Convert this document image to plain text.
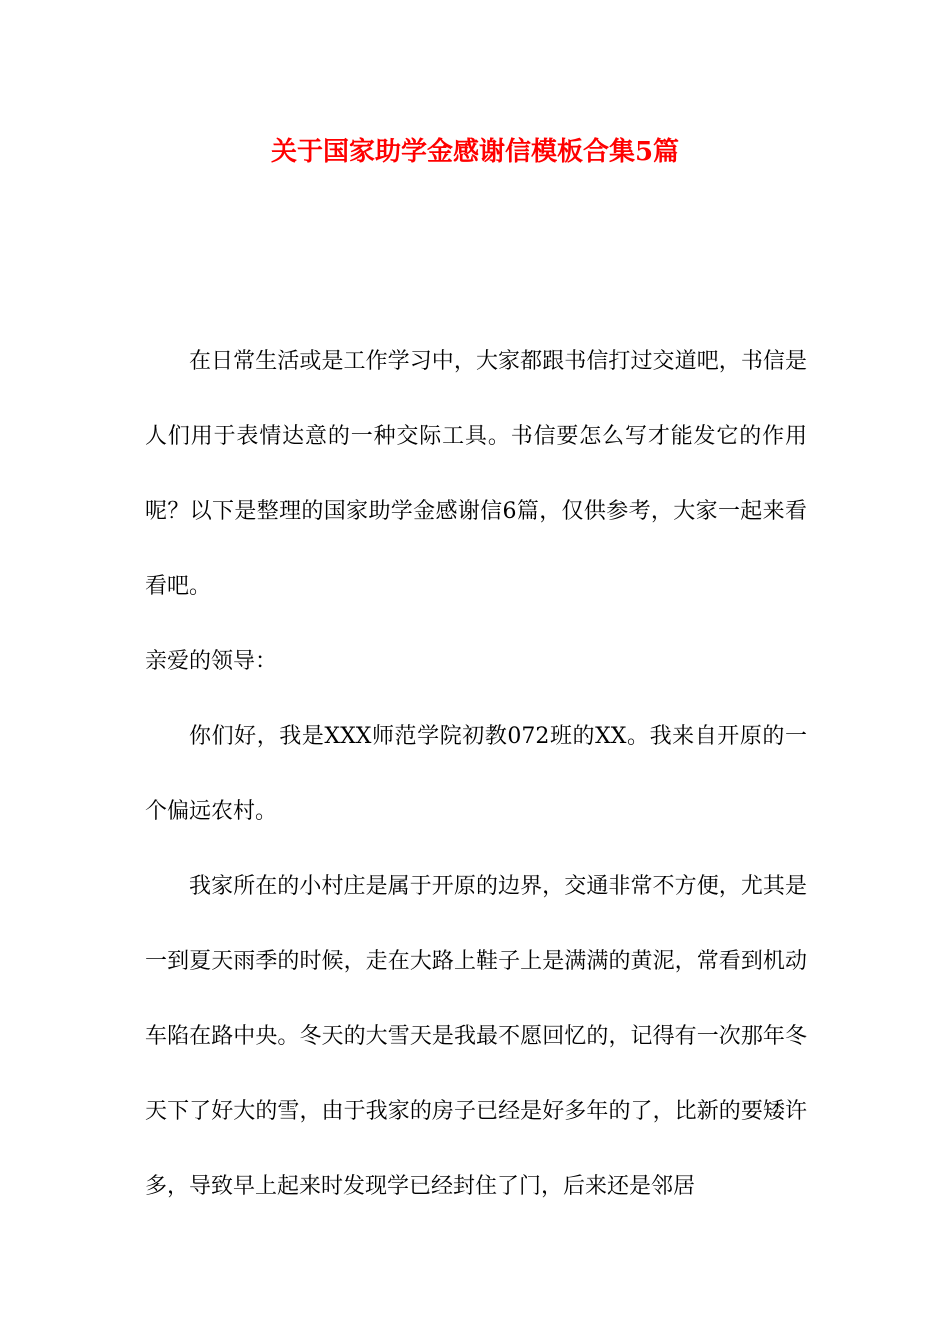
关于国家助学金感谢信模板合集5篇

在日常生活或是工作学习中，大家都跟书信打过交道吧，书信是人们用于表情达意的一种交际工具。书信要怎么写才能发它的作用呢？以下是整理的国家助学金感谢信6篇，仅供参考，大家一起来看看吧。

亲爱的领导：

你们好，我是XXX师范学院初教072班的XX。我来自开原的一个偏远农村。

我家所在的小村庄是属于开原的边界，交通非常不方便，尤其是一到夏天雨季的时候，走在大路上鞋子上是满满的黄泥，常看到机动车陷在路中央。冬天的大雪天是我最不愿回忆的，记得有一次那年冬天下了好大的雪，由于我家的房子已经是好多年的了，比新的要矮许多，导致早上起来时发现学已经封住了门，后来还是邻居
